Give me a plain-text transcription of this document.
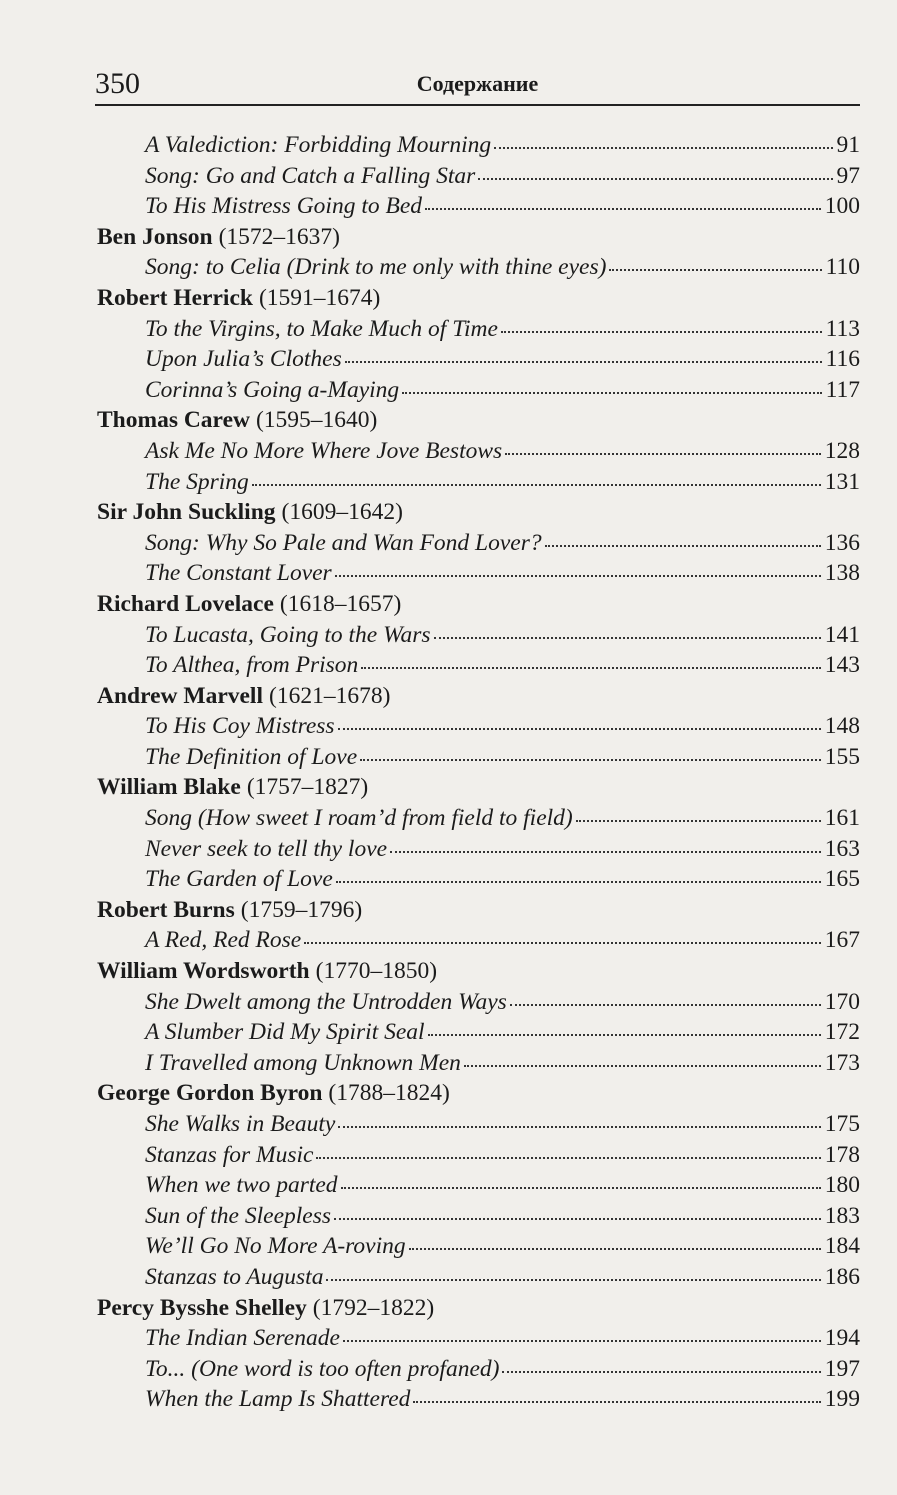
350	Содержание
A Valediction: Forbidding Mourning	91
Song: Go and Catch a Falling Star	97
To His Mistress Going to Bed	100
Ben Jonson (1572–1637)
Song: to Celia (Drink to me only with thine eyes)	110
Robert Herrick (1591–1674)
To the Virgins, to Make Much of Time	113
Upon Julia’s Clothes	116
Corinna’s Going a-Maying	117
Thomas Carew (1595–1640)
Ask Me No More Where Jove Bestows	128
The Spring	131
Sir John Suckling (1609–1642)
Song: Why So Pale and Wan Fond Lover?	136
The Constant Lover	138
Richard Lovelace (1618–1657)
To Lucasta, Going to the Wars	141
To Althea, from Prison	143
Andrew Marvell (1621–1678)
To His Coy Mistress	148
The Definition of Love	155
William Blake (1757–1827)
Song (How sweet I roam’d from field to field)	161
Never seek to tell thy love	163
The Garden of Love	165
Robert Burns (1759–1796)
A Red, Red Rose	167
William Wordsworth (1770–1850)
She Dwelt among the Untrodden Ways	170
A Slumber Did My Spirit Seal	172
I Travelled among Unknown Men	173
George Gordon Byron (1788–1824)
She Walks in Beauty	175
Stanzas for Music	178
When we two parted	180
Sun of the Sleepless	183
We’ll Go No More A-roving	184
Stanzas to Augusta	186
Percy Bysshe Shelley (1792–1822)
The Indian Serenade	194
To... (One word is too often profaned)	197
When the Lamp Is Shattered	199
